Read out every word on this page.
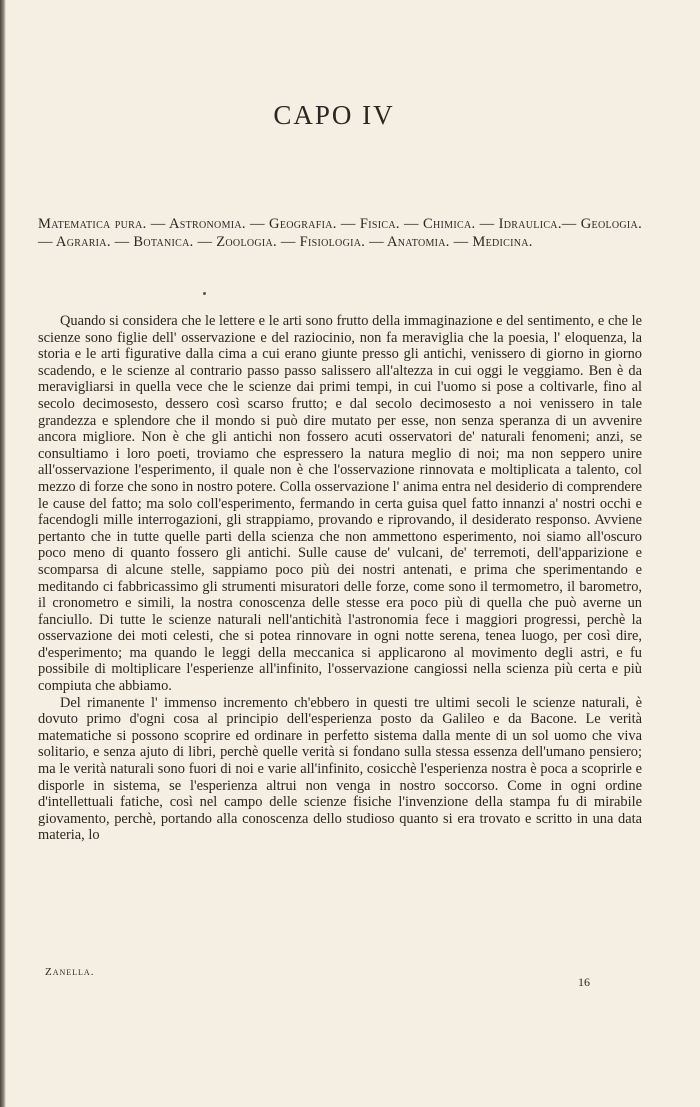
CAPO IV
Matematica pura. — Astronomia. — Geografia. — Fisica. — Chimica. — Idraulica.— Geologia. — Agraria. — Botanica. — Zoologia. — Fisiologia. — Anatomia. — Medicina.

Quando si considera che le lettere e le arti sono frutto della immaginazione e del sentimento, e che le scienze sono figlie dell' osservazione e del raziocinio, non fa meraviglia che la poesia, l' eloquenza, la storia e le arti figurative dalla cima a cui erano giunte presso gli antichi, venissero di giorno in giorno scadendo, e le scienze al contrario passo passo salissero all'altezza in cui oggi le veggiamo. Ben è da meravigliarsi in quella vece che le scienze dai primi tempi, in cui l'uomo si pose a coltivarle, fino al secolo decimosesto, dessero così scarso frutto; e dal secolo decimosesto a noi venissero in tale grandezza e splendore che il mondo si può dire mutato per esse, non senza speranza di un avvenire ancora migliore. Non è che gli antichi non fossero acuti osservatori de' naturali fenomeni; anzi, se consultiamo i loro poeti, troviamo che espressero la natura meglio di noi; ma non seppero unire all'osservazione l'esperimento, il quale non è che l'osservazione rinnovata e moltiplicata a talento, col mezzo di forze che sono in nostro potere. Colla osservazione l' anima entra nel desiderio di comprendere le cause del fatto; ma solo coll'esperimento, fermando in certa guisa quel fatto innanzi a' nostri occhi e facendogli mille interrogazioni, gli strappiamo, provando e riprovando, il desiderato responso. Avviene pertanto che in tutte quelle parti della scienza che non ammettono esperimento, noi siamo all'oscuro poco meno di quanto fossero gli antichi. Sulle cause de' vulcani, de' terremoti, dell'apparizione e scomparsa di alcune stelle, sappiamo poco più dei nostri antenati, e prima che sperimentando e meditando ci fabbricassimo gli strumenti misuratori delle forze, come sono il termometro, il barometro, il cronometro e simili, la nostra conoscenza delle stesse era poco più di quella che può averne un fanciullo. Di tutte le scienze naturali nell'antichità l'astronomia fece i maggiori progressi, perchè la osservazione dei moti celesti, che si potea rinnovare in ogni notte serena, tenea luogo, per così dire, d'esperimento; ma quando le leggi della meccanica si applicarono al movimento degli astri, e fu possibile di moltiplicare l'esperienze all'infinito, l'osservazione cangiossi nella scienza più certa e più compiuta che abbiamo.

Del rimanente l' immenso incremento ch'ebbero in questi tre ultimi secoli le scienze naturali, è dovuto primo d'ogni cosa al principio dell'esperienza posto da Galileo e da Bacone. Le verità matematiche si possono scoprire ed ordinare in perfetto sistema dalla mente di un sol uomo che viva solitario, e senza ajuto di libri, perchè quelle verità si fondano sulla stessa essenza dell'umano pensiero; ma le verità naturali sono fuori di noi e varie all'infinito, cosicchè l'esperienza nostra è poca a scoprirle e disporle in sistema, se l'esperienza altrui non venga in nostro soccorso. Come in ogni ordine d'intellettuali fatiche, così nel campo delle scienze fisiche l'invenzione della stampa fu di mirabile giovamento, perchè, portando alla conoscenza dello studioso quanto si era trovato e scritto in una data materia, lo

Zanella.
16
